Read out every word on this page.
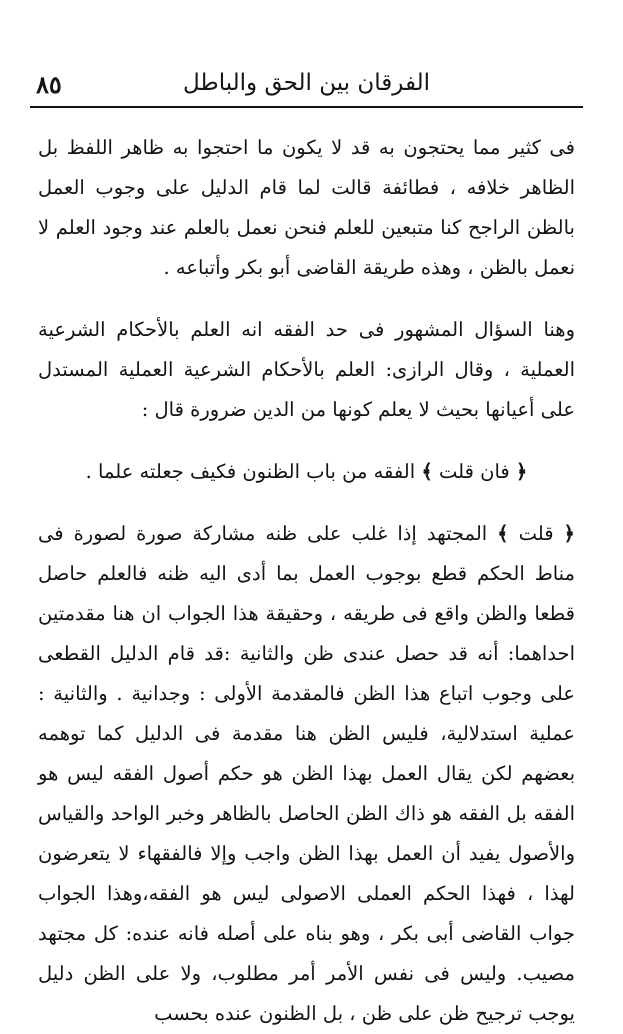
٨٥	الفرقان بين الحق والباطل

فى كثير مما يحتجون به قد لا يكون ما احتجوا به ظاهر اللفظ بل الظاهر خلافه ، فطائفة قالت لما قام الدليل على وجوب العمل بالظن الراجح كنا متبعين للعلم فنحن نعمل بالعلم عند وجود العلم لا نعمل بالظن ، وهذه طريقة القاضى أبو بكر وأتباعه .

وهنا السؤال المشهور فى حد الفقه انه العلم بالأحكام الشرعية العملية ، وقال الرازى: العلم بالأحكام الشرعية العملية المستدل على أعيانها بحيث لا يعلم كونها من الدين ضرورة قال :

﴿ فان قلت ﴾ الفقه من باب الظنون فكيف جعلته علما .

﴿ قلت ﴾ المجتهد إذا غلب على ظنه مشاركة صورة لصورة فى مناط الحكم قطع بوجوب العمل بما أدى اليه ظنه فالعلم حاصل قطعا والظن واقع فى طريقه ، وحقيقة هذا الجواب ان هنا مقدمتين احداهما: أنه قد حصل عندى ظن والثانية :قد قام الدليل القطعى على وجوب اتباع هذا الظن فالمقدمة الأولى : وجدانية . والثانية : عملية استدلالية، فليس الظن هنا مقدمة فى الدليل كما توهمه بعضهم لكن يقال العمل بهذا الظن هو حكم أصول الفقه ليس هو الفقه بل الفقه هو ذاك الظن الحاصل بالظاهر وخبر الواحد والقياس والأصول يفيد أن العمل بهذا الظن واجب وإلا فالفقهاء لا يتعرضون لهذا ، فهذا الحكم العملى الاصولى ليس هو الفقه،وهذا الجواب جواب القاضى أبى بكر ، وهو بناه على أصله فانه عنده: كل مجتهد مصيب. وليس فى نفس الأمر أمر مطلوب، ولا على الظن دليل يوجب ترجيح ظن على ظن ، بل الظنون عنده بحسب
